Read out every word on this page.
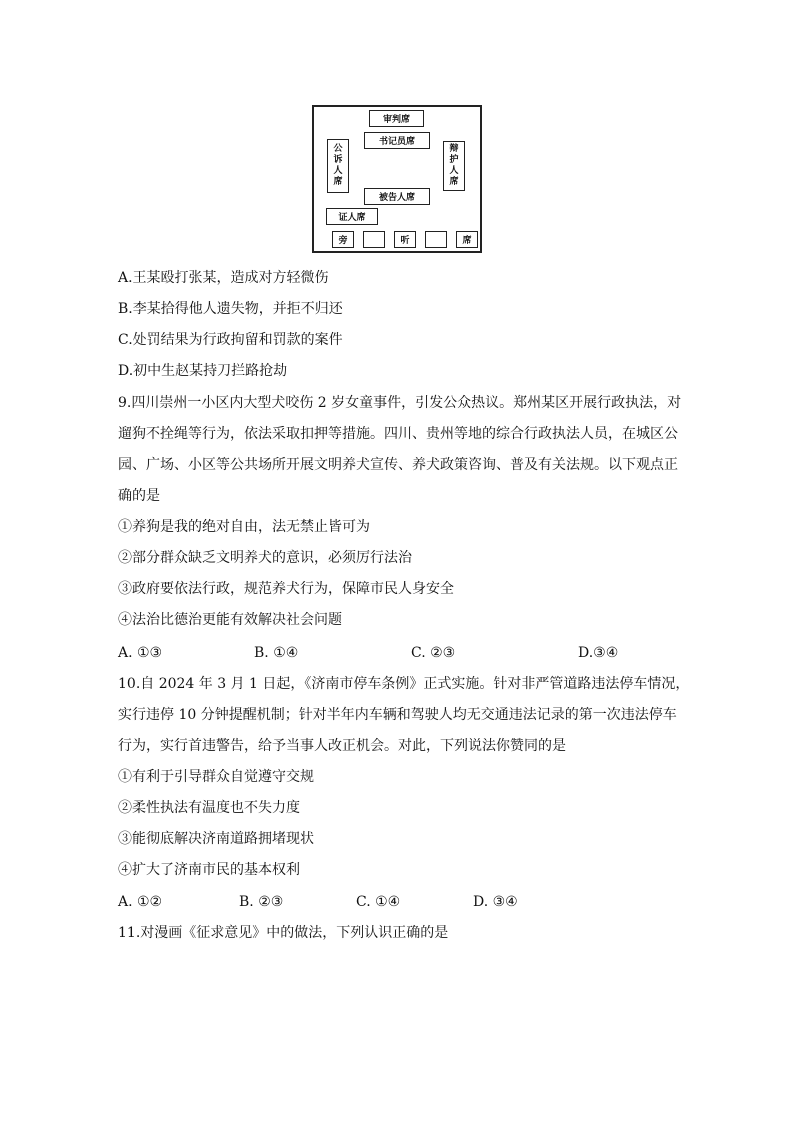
审判席
书记员席
公
诉
人
席
辩
护
人
席
被告人席
证人席
旁	听	席
A.王某殴打张某，造成对方轻微伤
B.李某拾得他人遗失物，并拒不归还
C.处罚结果为行政拘留和罚款的案件
D.初中生赵某持刀拦路抢劫
9.四川崇州一小区内大型犬咬伤 2 岁女童事件，引发公众热议。郑州某区开展行政执法，对
遛狗不拴绳等行为，依法采取扣押等措施。四川、贵州等地的综合行政执法人员，在城区公
园、广场、小区等公共场所开展文明养犬宣传、养犬政策咨询、普及有关法规。以下观点正
确的是
①养狗是我的绝对自由，法无禁止皆可为
②部分群众缺乏文明养犬的意识，必须厉行法治
③政府要依法行政，规范养犬行为，保障市民人身安全
④法治比德治更能有效解决社会问题
A. ①③	B. ①④	C. ②③	D.③④
10.自 2024 年 3 月 1 日起，《济南市停车条例》正式实施。针对非严管道路违法停车情况，
实行违停 10 分钟提醒机制；针对半年内车辆和驾驶人均无交通违法记录的第一次违法停车
行为，实行首违警告，给予当事人改正机会。对此，下列说法你赞同的是
①有利于引导群众自觉遵守交规
②柔性执法有温度也不失力度
③能彻底解决济南道路拥堵现状
④扩大了济南市民的基本权利
A. ①②	B. ②③	C. ①④	D. ③④
11.对漫画《征求意见》中的做法，下列认识正确的是
